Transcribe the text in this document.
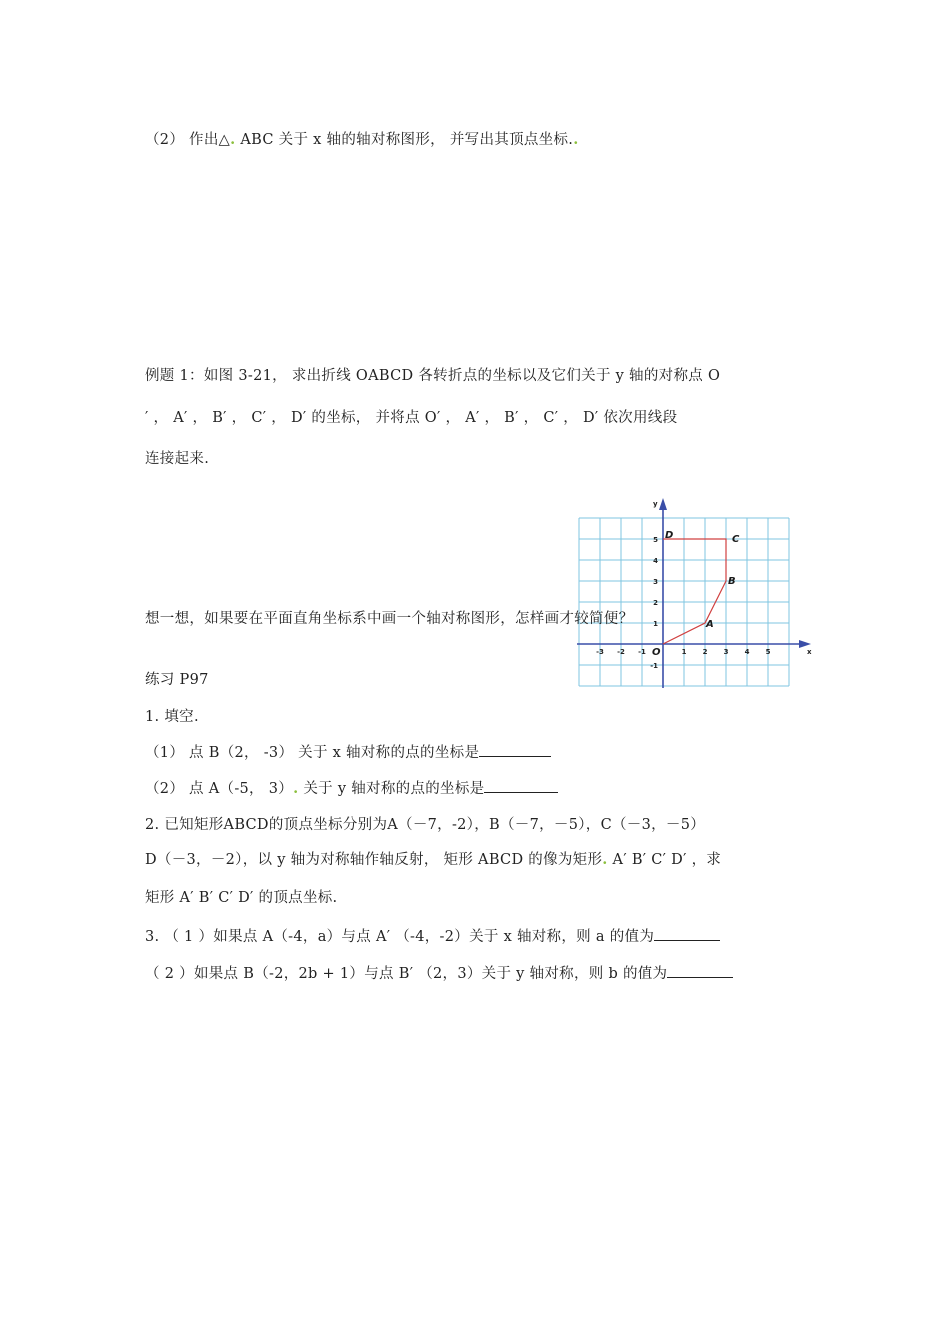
（2） 作出△. ABC 关于 x 轴的轴对称图形， 并写出其顶点坐标..
例题 1：如图 3-21， 求出折线 OABCD 各转折点的坐标以及它们关于 y 轴的对称点 O
′ ， A′ ， B′ ， C′ ， D′ 的坐标， 并将点 O′ ， A′ ， B′ ， C′ ， D′ 依次用线段
连接起来.
x
y
-3 -2 -1	1 2 3 4 5
5
4
3
2
1
-1
O
A
B
C
D
想一想，如果要在平面直角坐标系中画一个轴对称图形，怎样画才较简便？
练习 P97
1. 填空.
（1） 点 B（2， -3） 关于 x 轴对称的点的坐标是
（2） 点 A（-5， 3）. 关于 y 轴对称的点的坐标是
2. 已知矩形ABCD的顶点坐标分别为A（－7，-2），B（－7，－5），C（－3，－5）
D（－3，－2），以 y 轴为对称轴作轴反射， 矩形 ABCD 的像为矩形. A′ B′ C′ D′ ，求
矩形 A′ B′ C′ D′ 的顶点坐标.
3. （ 1 ）如果点 A（-4，a）与点 A′ （-4，-2）关于 x 轴对称，则 a 的值为
（ 2 ）如果点 B（-2，2b + 1）与点 B′ （2，3）关于 y 轴对称，则 b 的值为
